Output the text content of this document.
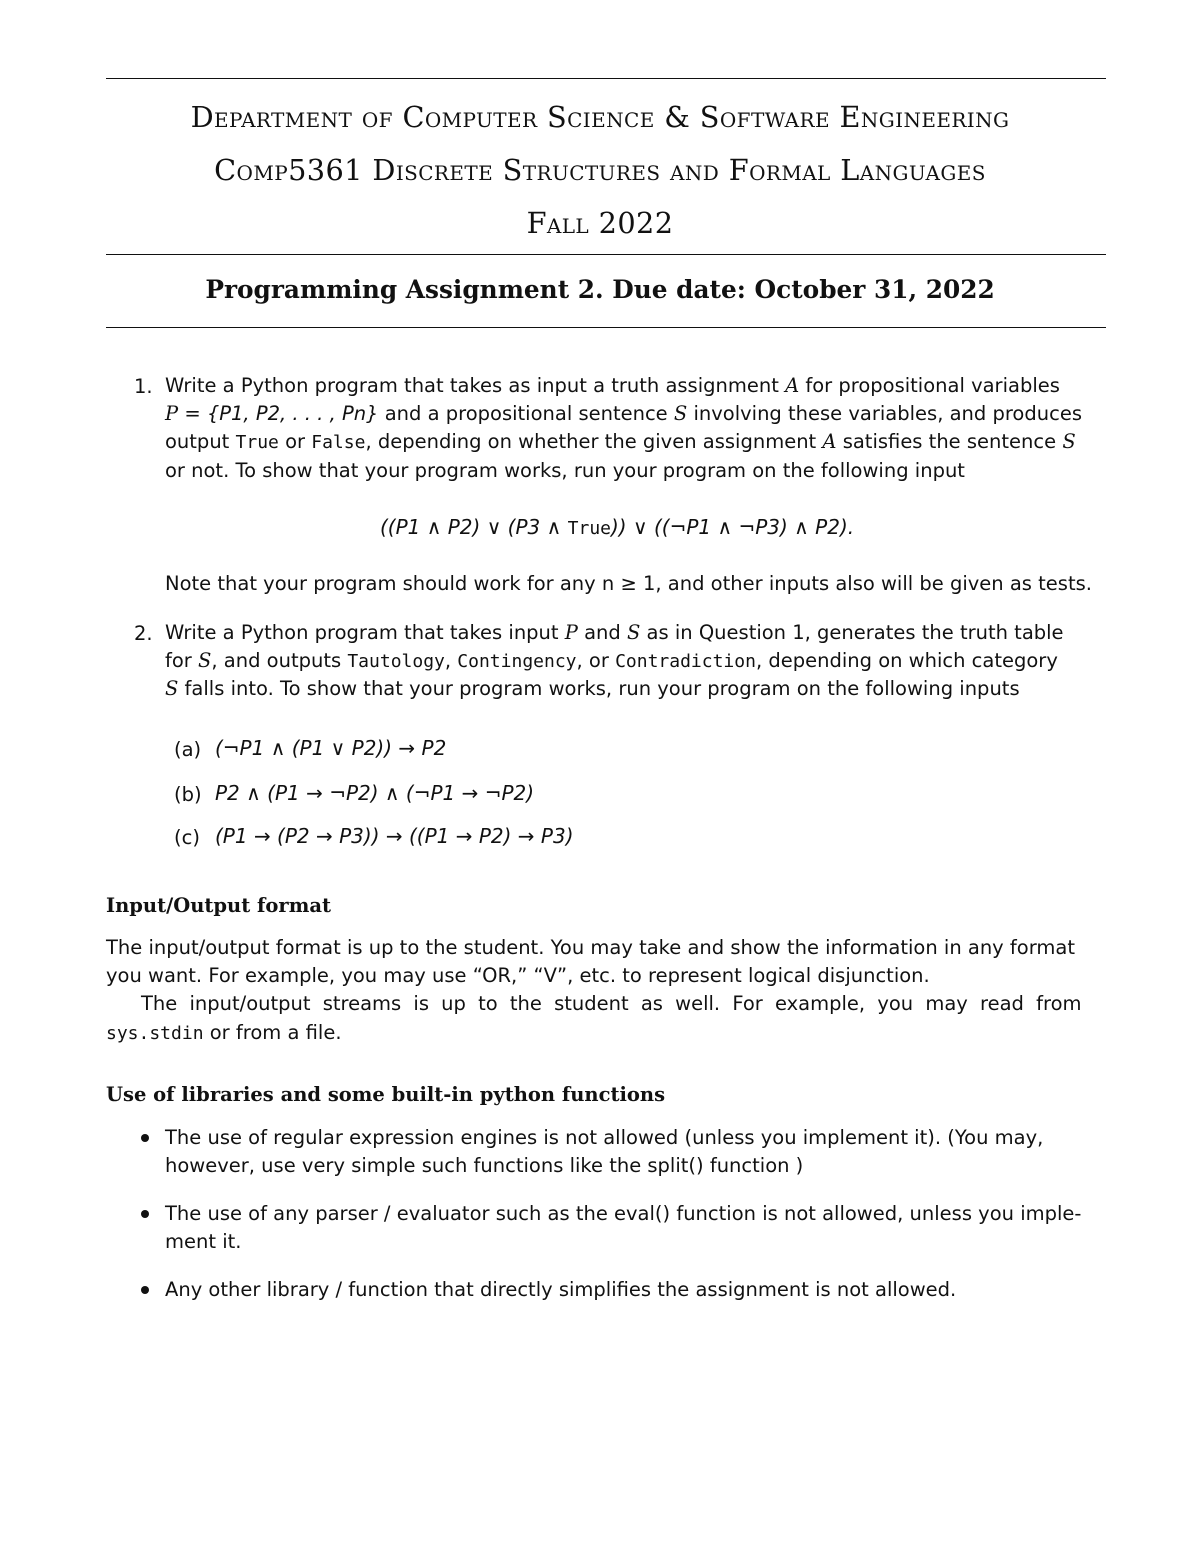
Department of Computer Science & Software Engineering
Comp5361 Discrete Structures and Formal Languages
Fall 2022
Programming Assignment 2. Due date: October 31, 2022
1. Write a Python program that takes as input a truth assignment A for propositional variables
P = {P1, P2, . . . , Pn} and a propositional sentence S involving these variables, and produces
output True or False, depending on whether the given assignment A satisfies the sentence S
or not. To show that your program works, run your program on the following input
((P1 ∧ P2) ∨ (P3 ∧ True)) ∨ ((¬P1 ∧ ¬P3) ∧ P2).
Note that your program should work for any n ≥ 1, and other inputs also will be given as tests.
2. Write a Python program that takes input P and S as in Question 1, generates the truth table
for S, and outputs Tautology, Contingency, or Contradiction, depending on which category
S falls into. To show that your program works, run your program on the following inputs
(a) (¬P1 ∧ (P1 ∨ P2)) → P2
(b) P2 ∧ (P1 → ¬P2) ∧ (¬P1 → ¬P2)
(c) (P1 → (P2 → P3)) → ((P1 → P2) → P3)
Input/Output format
The input/output format is up to the student. You may take and show the information in any format
you want. For example, you may use “OR,” “V”, etc. to represent logical disjunction.
The input/output streams is up to the student as well. For example, you may read from
sys.stdin or from a file.
Use of libraries and some built-in python functions
The use of regular expression engines is not allowed (unless you implement it). (You may,
however, use very simple such functions like the split() function )
The use of any parser / evaluator such as the eval() function is not allowed, unless you imple-
ment it.
Any other library / function that directly simplifies the assignment is not allowed.
